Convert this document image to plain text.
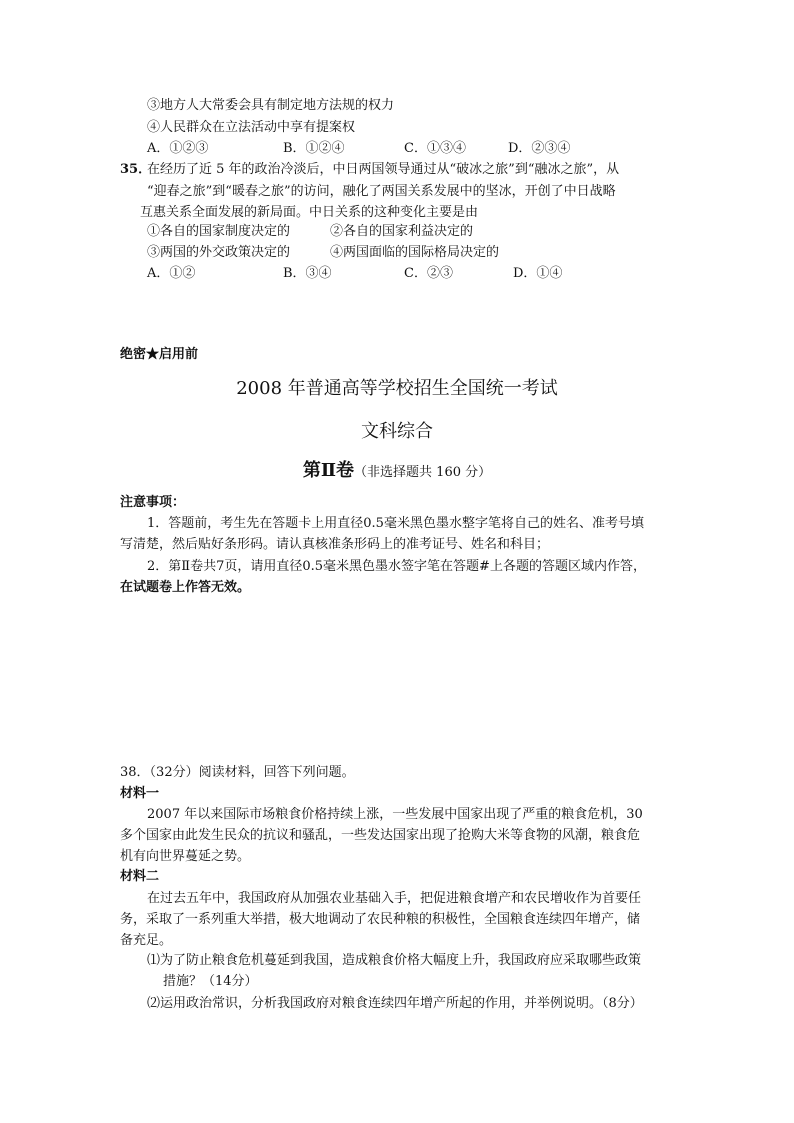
③地方人大常委会具有制定地方法规的权力
④人民群众在立法活动中享有提案权
A．①②③	B．①②④	C．①③④	D．②③④
35．
在经历了近 5 年的政治冷淡后，中日两国领导通过从“破冰之旅”到“融冰之旅”，从
“迎春之旅”到“暖春之旅”的访问，融化了两国关系发展中的坚冰，开创了中日战略
互惠关系全面发展的新局面。中日关系的这种变化主要是由
①各自的国家制度决定的	②各自的国家利益决定的
③两国的外交政策决定的	④两国面临的国际格局决定的
A．①②	B．③④	C．②③	D．①④
绝密★启用前
2008 年普通高等学校招生全国统一考试
文科综合
第Ⅱ卷（非选择题共 160 分）
注意事项：
1．答题前，考生先在答题卡上用直径0.5毫米黑色墨水整字笔将自己的姓名、准考号填
写清楚，然后贴好条形码。请认真核准条形码上的准考证号、姓名和科目；
2．第Ⅱ卷共7页，请用直径0.5毫米黑色墨水签字笔在答题#上各题的答题区域内作答，
在试题卷上作答无效。
38．（32分）阅读材料，回答下列问题。
材料一
2007 年以来国际市场粮食价格持续上涨，一些发展中国家出现了严重的粮食危机，30
多个国家由此发生民众的抗议和骚乱，一些发达国家出现了抢购大米等食物的风潮，粮食危
机有向世界蔓延之势。
材料二
在过去五年中，我国政府从加强农业基础入手，把促进粮食增产和农民增收作为首要任
务，采取了一系列重大举措，极大地调动了农民种粮的积极性，全国粮食连续四年增产，储
备充足。
⑴为了防止粮食危机蔓延到我国，造成粮食价格大幅度上升，我国政府应采取哪些政策
措施？（14分）
⑵运用政治常识，分析我国政府对粮食连续四年增产所起的作用，并举例说明。（8分）
